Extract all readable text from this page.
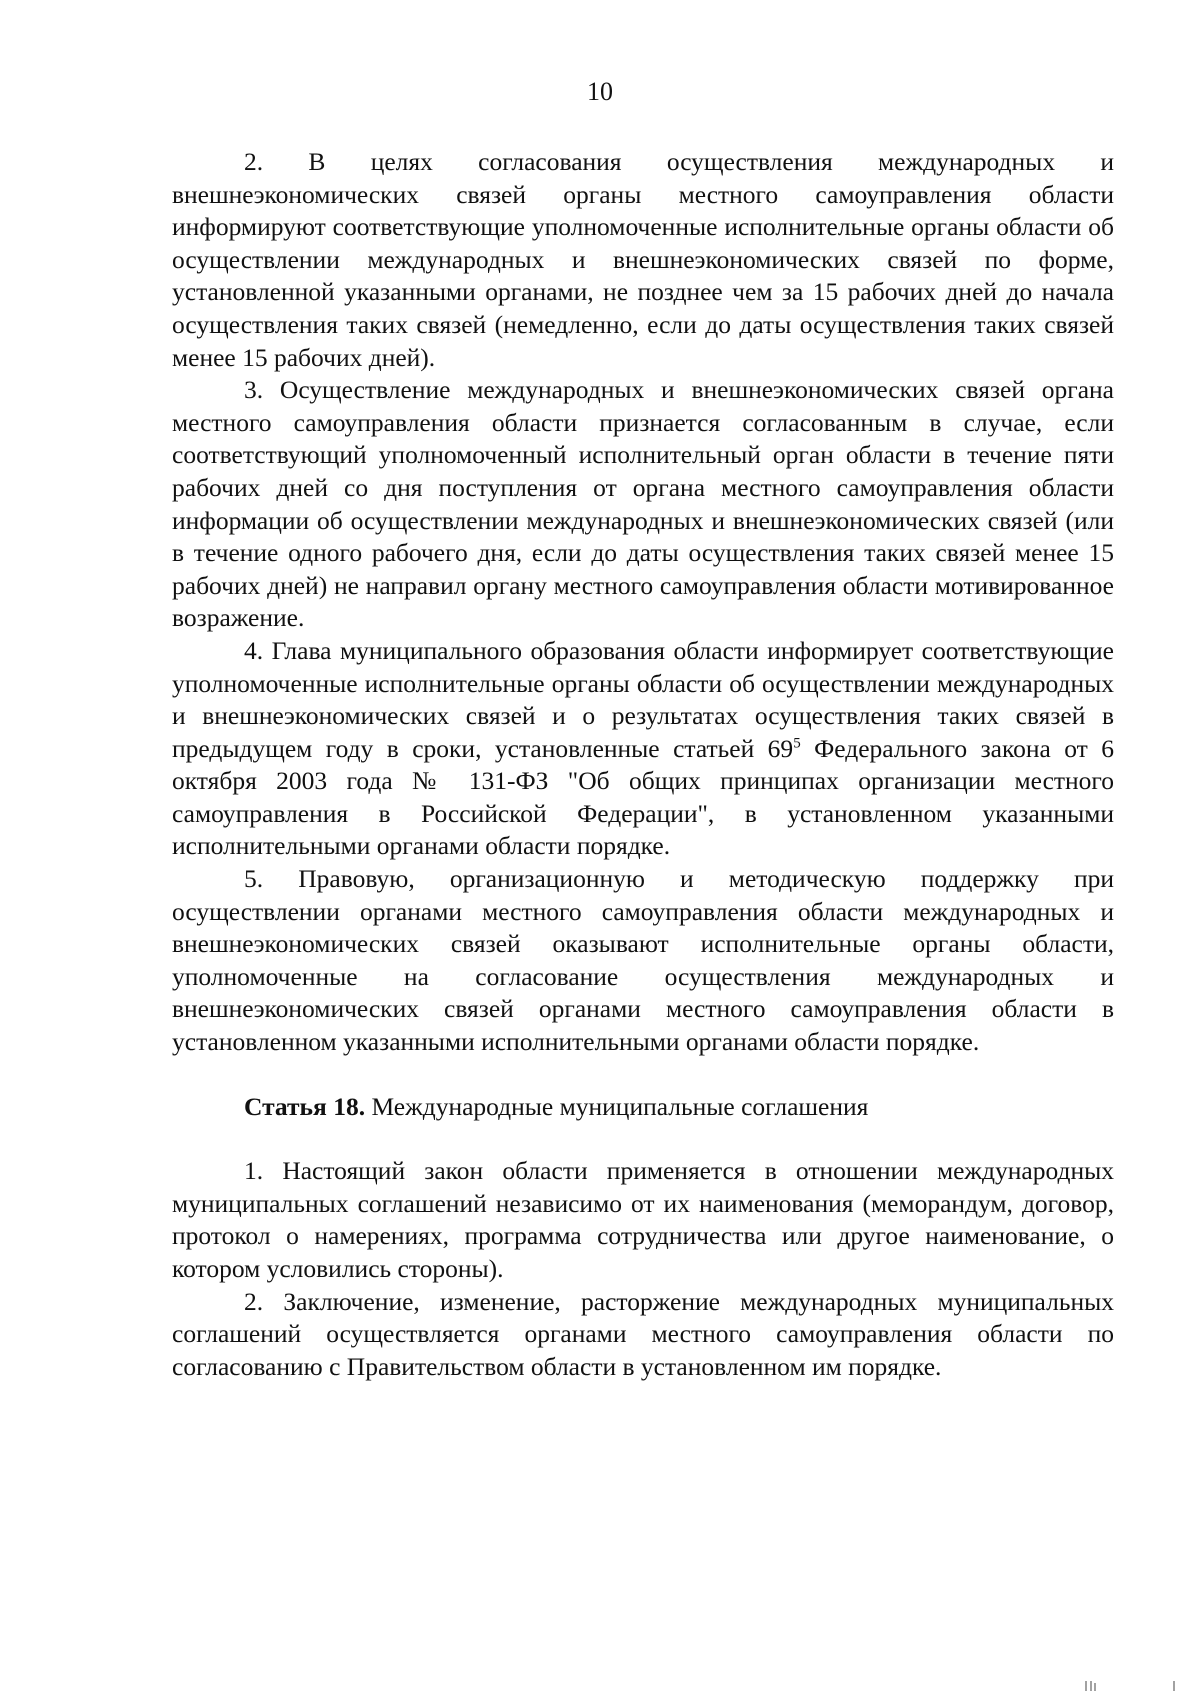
10

2. В целях согласования осуществления международных и внешнеэкономических связей органы местного самоуправления области информируют соответствующие уполномоченные исполнительные органы области об осуществлении международных и внешнеэкономических связей по форме, установленной указанными органами, не позднее чем за 15 рабочих дней до начала осуществления таких связей (немедленно, если до даты осуществления таких связей менее 15 рабочих дней).

3. Осуществление международных и внешнеэкономических связей органа местного самоуправления области признается согласованным в случае, если соответствующий уполномоченный исполнительный орган области в течение пяти рабочих дней со дня поступления от органа местного самоуправления области информации об осуществлении международных и внешнеэкономических связей (или в течение одного рабочего дня, если до даты осуществления таких связей менее 15 рабочих дней) не направил органу местного самоуправления области мотивированное возражение.

4. Глава муниципального образования области информирует соответствующие уполномоченные исполнительные органы области об осуществлении международных и внешнеэкономических связей и о результатах осуществления таких связей в предыдущем году в сроки, установленные статьей $69^5$ Федерального закона от 6 октября 2003 года № 131-ФЗ "Об общих принципах организации местного самоуправления в Российской Федерации", в установленном указанными исполнительными органами области порядке.

5. Правовую, организационную и методическую поддержку при осуществлении органами местного самоуправления области международных и внешнеэкономических связей оказывают исполнительные органы области, уполномоченные на согласование осуществления международных и внешнеэкономических связей органами местного самоуправления области в установленном указанными исполнительными органами области порядке.

Статья 18. Международные муниципальные соглашения

1. Настоящий закон области применяется в отношении международных муниципальных соглашений независимо от их наименования (меморандум, договор, протокол о намерениях, программа сотрудничества или другое наименование, о котором условились стороны).

2. Заключение, изменение, расторжение международных муниципальных соглашений осуществляется органами местного самоуправления области по согласованию с Правительством области в установленном им порядке.
